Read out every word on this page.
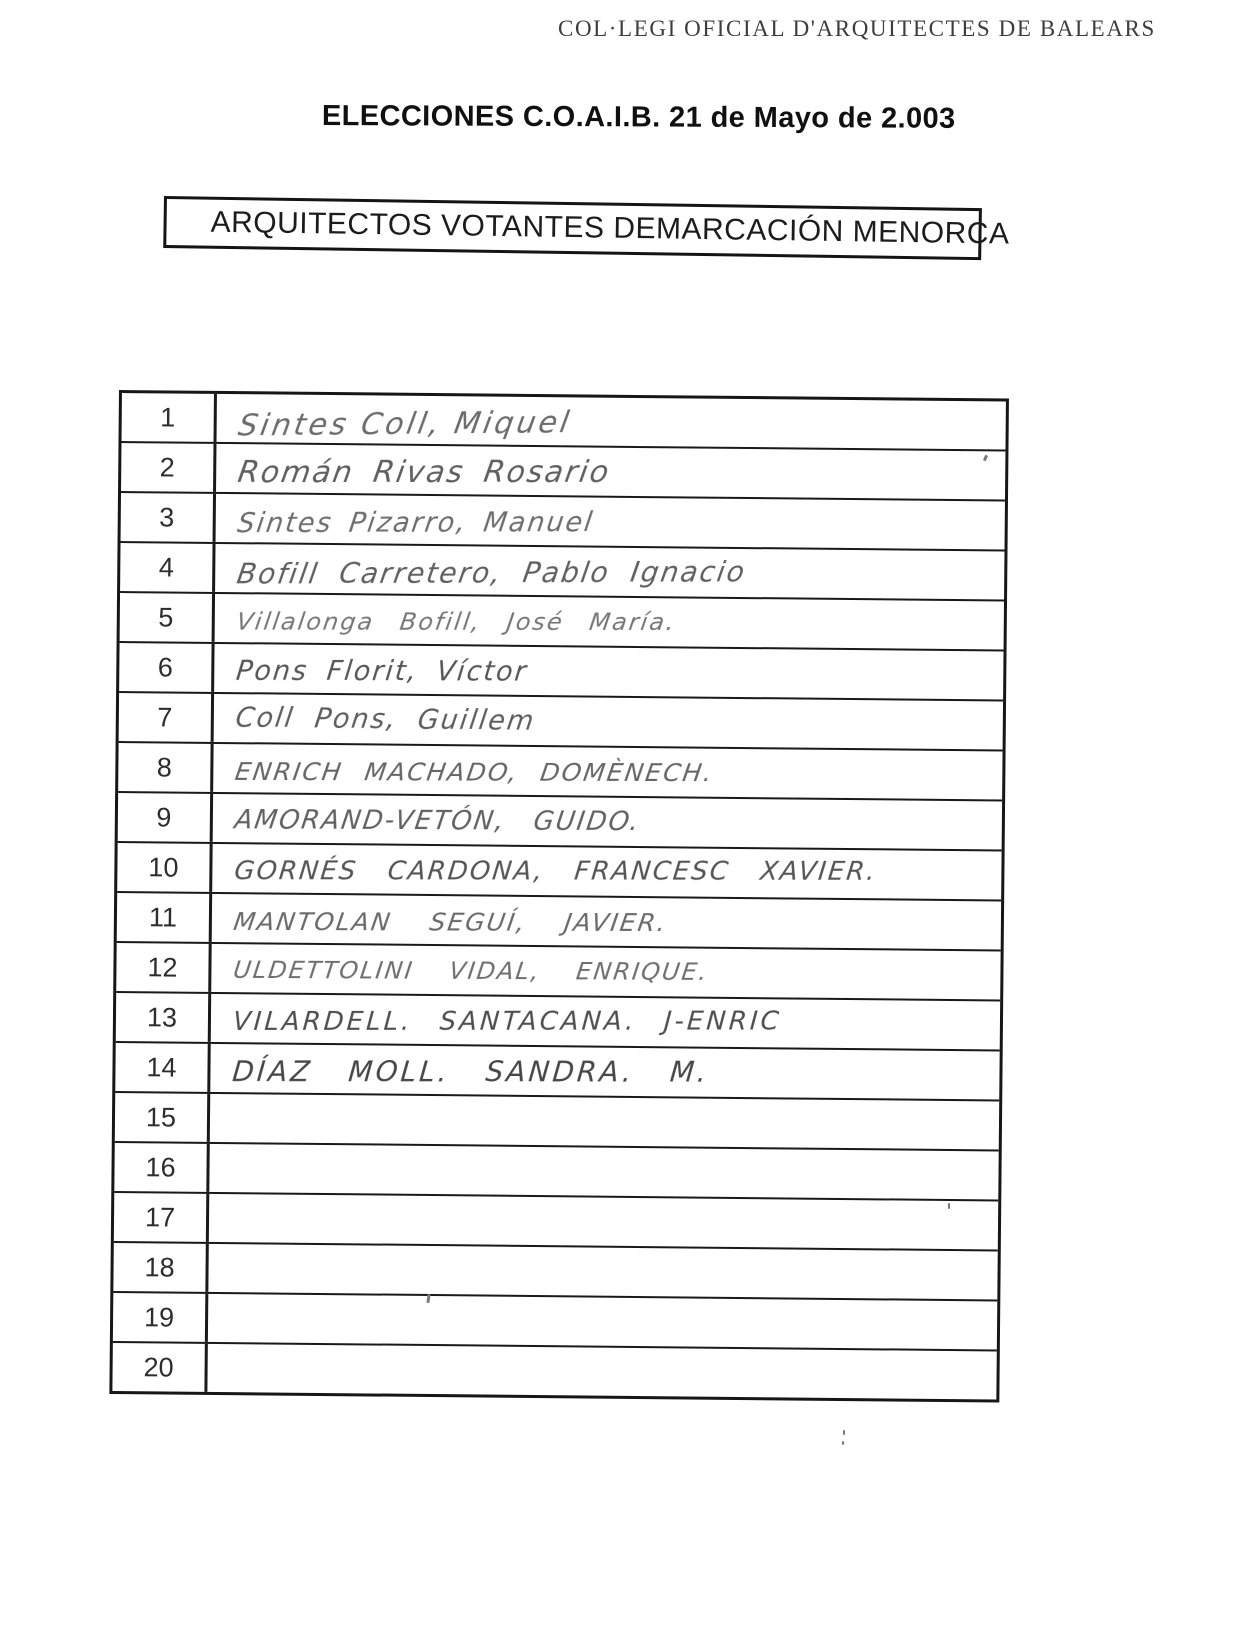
COL·LEGI OFICIAL D'ARQUITECTES DE BALEARS
ELECCIONES C.O.A.I.B. 21 de Mayo de 2.003
ARQUITECTOS VOTANTES DEMARCACIÓN MENORCA
1	Sintes Coll, Miquel
2	Román Rivas Rosario
3	Sintes Pizarro, Manuel
4	Bofill Carretero, Pablo Ignacio
5	Villalonga Bofill, José María.
6	Pons Florit, Víctor
7	Coll Pons, Guillem
8	ENRICH MACHADO, DOMÈNECH.
9	AMORAND-VETÓN, GUIDO.
10	GORNÉS CARDONA, FRANCESC XAVIER.
11	MANTOLAN SEGUÍ, JAVIER.
12	ULDETTOLINI VIDAL, ENRIQUE.
13	VILARDELL. SANTACANA. J-ENRIC
14	DÍAZ MOLL. SANDRA. M.
15
16
17
18
19
20
